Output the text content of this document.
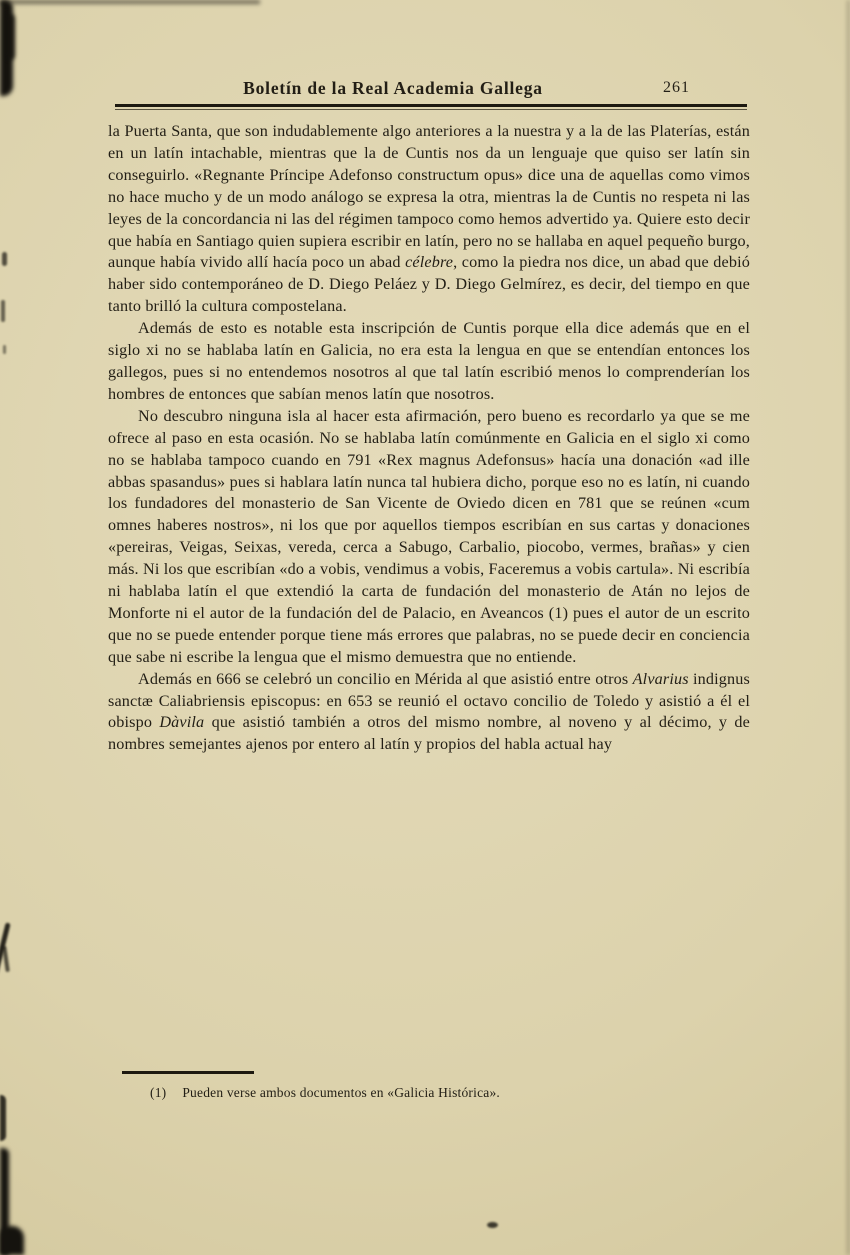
Boletín de la Real Academia Gallega	261

la Puerta Santa, que son indudablemente algo anteriores a la nuestra y a la de las Platerías, están en un latín intachable, mientras que la de Cuntis nos da un lenguaje que quiso ser latín sin conseguirlo. «Regnante Príncipe Adefonso constructum opus» dice una de aquellas como vimos no hace mucho y de un modo análogo se expresa la otra, mientras la de Cuntis no respeta ni las leyes de la concordancia ni las del régimen tampoco como hemos advertido ya. Quiere esto decir que había en Santiago quien supiera escribir en latín, pero no se hallaba en aquel pequeño burgo, aunque había vivido allí hacía poco un abad célebre, como la piedra nos dice, un abad que debió haber sido contemporáneo de D. Diego Peláez y D. Diego Gelmírez, es decir, del tiempo en que tanto brilló la cultura compostelana.

Además de esto es notable esta inscripción de Cuntis porque ella dice además que en el siglo xi no se hablaba latín en Galicia, no era esta la lengua en que se entendían entonces los gallegos, pues si no entendemos nosotros al que tal latín escribió menos lo comprenderían los hombres de entonces que sabían menos latín que nosotros.

No descubro ninguna isla al hacer esta afirmación, pero bueno es recordarlo ya que se me ofrece al paso en esta ocasión. No se hablaba latín comúnmente en Galicia en el siglo xi como no se hablaba tampoco cuando en 791 «Rex magnus Adefonsus» hacía una donación «ad ille abbas spasandus» pues si hablara latín nunca tal hubiera dicho, porque eso no es latín, ni cuando los fundadores del monasterio de San Vicente de Oviedo dicen en 781 que se reúnen «cum omnes haberes nostros», ni los que por aquellos tiempos escribían en sus cartas y donaciones «pereiras, Veigas, Seixas, vereda, cerca a Sabugo, Carbalio, piocobo, vermes, brañas» y cien más. Ni los que escribían «do a vobis, vendimus a vobis, Faceremus a vobis cartula». Ni escribía ni hablaba latín el que extendió la carta de fundación del monasterio de Atán no lejos de Monforte ni el autor de la fundación del de Palacio, en Aveancos (1) pues el autor de un escrito que no se puede entender porque tiene más errores que palabras, no se puede decir en conciencia que sabe ni escribe la lengua que el mismo demuestra que no entiende.

Además en 666 se celebró un concilio en Mérida al que asistió entre otros Alvarius indignus sanctæ Caliabriensis episcopus: en 653 se reunió el octavo concilio de Toledo y asistió a él el obispo Dàvila que asistió también a otros del mismo nombre, al noveno y al décimo, y de nombres semejantes ajenos por entero al latín y propios del habla actual hay

(1) Pueden verse ambos documentos en «Galicia Histórica».
